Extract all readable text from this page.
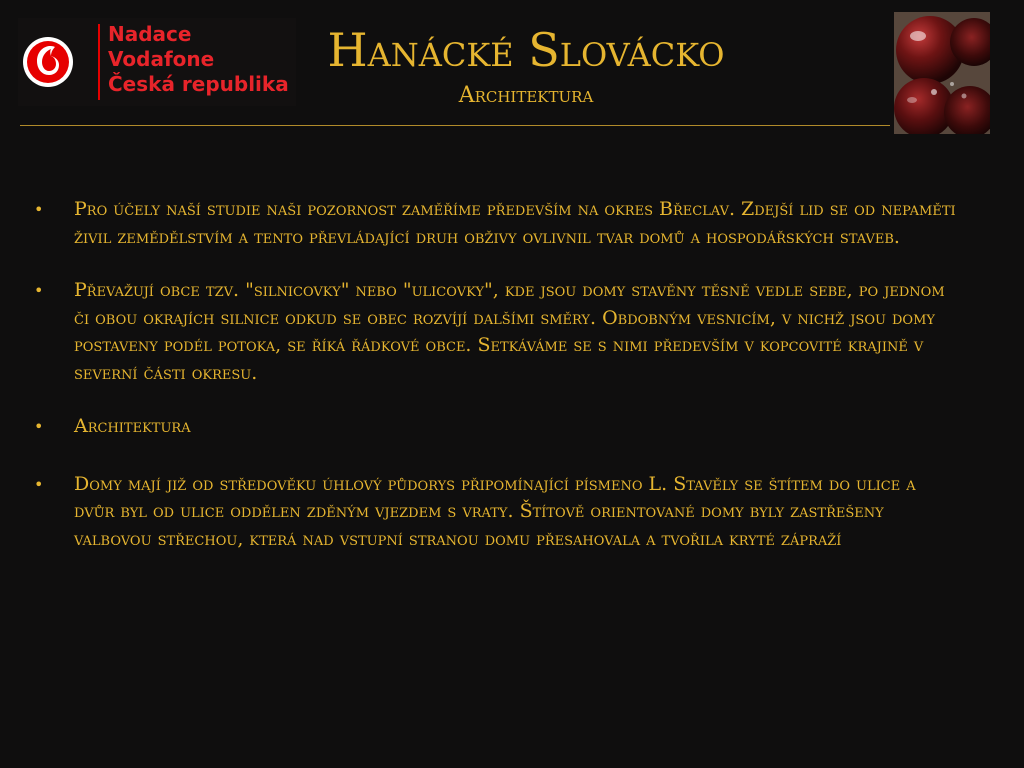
Nadace
Vodafone
Česká republika
Hanácké Slovácko
Architektura
• Pro účely naší studie naši pozornost zaměříme především na okres Břeclav. Zdejší lid se od nepaměti živil zemědělstvím a tento převládající druh obživy ovlivnil tvar domů a hospodářských staveb.
• Převažují obce tzv. "silnicovky" nebo "ulicovky", kde jsou domy stavěny těsně vedle sebe, po jednom či obou okrajích silnice odkud se obec rozvíjí dalšími směry. Obdobným vesnicím, v nichž jsou domy postaveny podél potoka, se říká řádkové obce. Setkáváme se s nimi především v kopcovité krajině v severní části okresu.
• Architektura
• Domy mají již od středověku úhlový půdorys připomínající písmeno L. Stavěly se štítem do ulice a dvůr byl od ulice oddělen zděným vjezdem s vraty. Štítově orientované domy byly zastřešeny valbovou střechou, která nad vstupní stranou domu přesahovala a tvořila kryté zápraží
